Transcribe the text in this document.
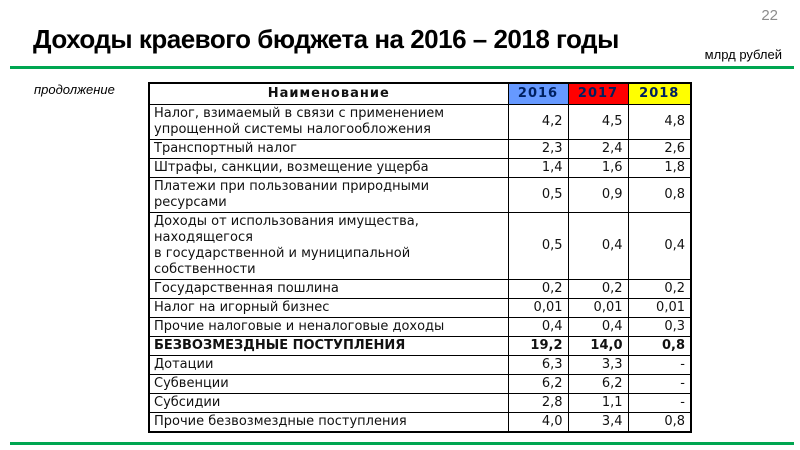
22
Доходы краевого бюджета на 2016 – 2018 годы
млрд рублей
продолжение	Наименование	2016	2017	2018
Налог, взимаемый в связи с применением
упрощенной системы налогообложения	4,2	4,5	4,8
Транспортный налог	2,3	2,4	2,6
Штрафы, санкции, возмещение ущерба	1,4	1,6	1,8
Платежи при пользовании природными
ресурсами	0,5	0,9	0,8
Доходы от использования имущества,
находящегося
в государственной и муниципальной
собственности	0,5	0,4	0,4
Государственная пошлина	0,2	0,2	0,2
Налог на игорный бизнес	0,01	0,01	0,01
Прочие налоговые и неналоговые доходы	0,4	0,4	0,3
БЕЗВОЗМЕЗДНЫЕ ПОСТУПЛЕНИЯ	19,2	14,0	0,8
Дотации	6,3	3,3	-
Субвенции	6,2	6,2	-
Субсидии	2,8	1,1	-
Прочие безвозмездные поступления	4,0	3,4	0,8
